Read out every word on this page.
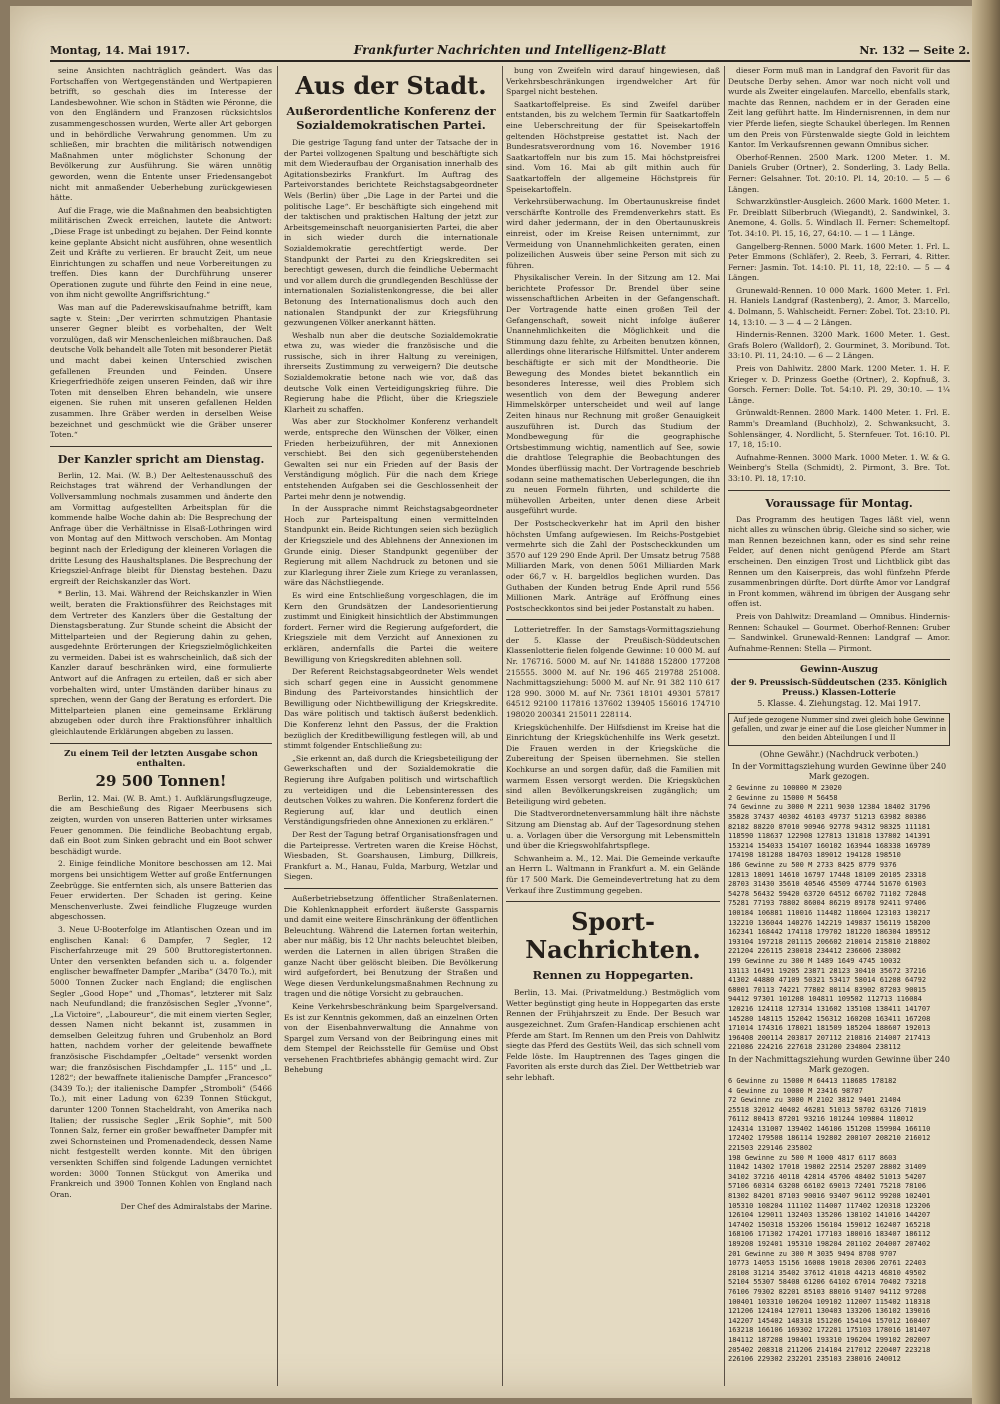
Montag, 14. Mai 1917.	Frankfurter Nachrichten und Intelligenz-Blatt	Nr. 132 — Seite 2.

seine Ansichten nachträglich geändert. Was das Fortschaffen von Wertgegenständen und Wertpapieren betrifft, so geschah dies im Interesse der Landesbewohner. Wie schon in Städten wie Péronne, die von den Engländern und Franzosen rücksichtslos zusammengeschossen wurden, Werte aller Art geborgen und in behördliche Verwahrung genommen. Um zu schließen, mir brachten die militärisch notwendigen Maßnahmen unter möglichster Schonung der Bevölkerung zur Ausführung. Sie wären unnötig geworden, wenn die Entente unser Friedensangebot nicht mit anmaßender Ueberhebung zurückgewiesen hätte.

Auf die Frage, wie die Maßnahmen den beabsichtigten militärischen Zweck erreichen, lautete die Antwort: „Diese Frage ist unbedingt zu bejahen. Der Feind konnte keine geplante Absicht nicht ausführen, ohne wesentlich Zeit und Kräfte zu verlieren. Er braucht Zeit, um neue Einrichtungen zu schaffen und neue Vorbereitungen zu treffen. Dies kann der Durchführung unserer Operationen zugute und führte den Feind in eine neue, von ihm nicht gewollte Angriffsrichtung.“

Was man auf die Paderewskisaufnahme betrifft, kam sagte v. Stein: „Der verirrten schmutzigen Phantasie unserer Gegner bleibt es vorbehalten, der Welt vorzulügen, daß wir Menschenleichen mißbrauchen. Daß deutsche Volk behandelt alle Toten mit besonderer Pietät und macht dabei keinen Unterschied zwischen gefallenen Freunden und Feinden. Unsere Kriegerfriedhöfe zeigen unseren Feinden, daß wir ihre Toten mit denselben Ehren behandeln, wie unsere eigenen. Sie ruhen mit unseren gefallenen Helden zusammen. Ihre Gräber werden in derselben Weise bezeichnet und geschmückt wie die Gräber unserer Toten.“

Der Kanzler spricht am Dienstag.

Berlin, 12. Mai. (W. B.) Der Aeltestenausschuß des Reichstages trat während der Verhandlungen der Vollversammlung nochmals zusammen und änderte den am Vormittag aufgestellten Arbeitsplan für die kommende halbe Woche dahin ab: Die Besprechung der Anfrage über die Verhältnisse in Elsaß-Lothringen wird von Montag auf den Mittwoch verschoben. Am Montag beginnt nach der Erledigung der kleineren Vorlagen die dritte Lesung des Haushaltsplanes. Die Besprechung der Kriegsziel-Anfrage bleibt für Dienstag bestehen. Dazu ergreift der Reichskanzler das Wort.

* Berlin, 13. Mai. Während der Reichskanzler in Wien weilt, beraten die Fraktionsführer des Reichstages mit dem Vertreter des Kanzlers über die Gestaltung der Dienstagsberatung. Zur Stunde scheint die Absicht der Mittelparteien und der Regierung dahin zu gehen, ausgedehnte Erörterungen der Kriegszielmöglichkeiten zu vermeiden. Dabei ist es wahrscheinlich, daß sich der Kanzler darauf beschränken wird, eine formulierte Antwort auf die Anfragen zu erteilen, daß er sich aber vorbehalten wird, unter Umständen darüber hinaus zu sprechen, wenn der Gang der Beratung es erfordert. Die Mittelparteien planen eine gemeinsame Erklärung abzugeben oder durch ihre Fraktionsführer inhaltlich gleichlautende Erklärungen abgeben zu lassen.

Zu einem Teil der letzten Ausgabe schon enthalten.
29 500 Tonnen!

Berlin, 12. Mai. (W. B. Amt.) 1. Aufklärungsflugzeuge, die am Beschießung des Rigaer Meerbusens sich zeigten, wurden von unseren Batterien unter wirksames Feuer genommen. Die feindliche Beobachtung ergab, daß ein Boot zum Sinken gebracht und ein Boot schwer beschädigt wurde.

2. Einige feindliche Monitore beschossen am 12. Mai morgens bei unsichtigem Wetter auf große Entfernungen Zeebrügge. Sie entfernten sich, als unsere Batterien das Feuer erwiderten. Der Schaden ist gering. Keine Menschenverluste. Zwei feindliche Flugzeuge wurden abgeschossen.

3. Neue U-Booterfolge im Atlantischen Ozean und im englischen Kanal: 6 Dampfer, 7 Segler, 12 Fischerfahrzeuge mit 29 500 Bruttoregistertonnen. Unter den versenkten befanden sich u. a. folgender englischer bewaffneter Dampfer „Mariba“ (3470 To.), mit 5000 Tonnen Zucker nach England; die englischen Segler „Good Hope“ und „Thomas“, letzterer mit Salz nach Neufundland; die französischen Segler „Yvonne“, „La Victoire“, „Laboureur“, die mit einem vierten Segler, dessen Namen nicht bekannt ist, zusammen in demselben Geleitzug fuhren und Grubenholz an Bord hatten, nachdem vorher der geleitende bewaffnete französische Fischdampfer „Oeltade“ versenkt worden war; die französischen Fischdampfer „L. 115“ und „L. 1282“; der bewaffnete italienische Dampfer „Francesco“ (3439 To.); der italienische Dampfer „Stromboli“ (5466 To.), mit einer Ladung von 6239 Tonnen Stückgut, darunter 1200 Tonnen Stacheldraht, von Amerika nach Italien; der russische Segler „Erik Sophie“, mit 500 Tonnen Salz, ferner ein großer bewaffneter Dampfer mit zwei Schornsteinen und Promenadendeck, dessen Name nicht festgestellt werden konnte. Mit den übrigen versenkten Schiffen sind folgende Ladungen vernichtet worden: 3000 Tonnen Stückgut von Amerika und Frankreich und 3900 Tonnen Kohlen von England nach Oran.

Der Chef des Admiralstabs der Marine.

Aus der Stadt.
Außerordentliche Konferenz der Sozialdemokratischen Partei.

Die gestrige Tagung fand unter der Tatsache der in der Partei vollzogenen Spaltung und beschäftigte sich mit dem Wiederaufbau der Organisation innerhalb des Agitationsbezirks Frankfurt. Im Auftrag des Parteivorstandes berichtete Reichstagsabgeordneter Wels (Berlin) über „Die Lage in der Partei und die politische Lage“. Er beschäftigte sich eingehend mit der taktischen und praktischen Haltung der jetzt zur Arbeitsgemeinschaft neuorganisierten Partei, die aber in sich wieder durch die internationale Sozialdemokratie gerechtfertigt werde. Der Standpunkt der Partei zu den Kriegskrediten sei berechtigt gewesen, durch die feindliche Uebermacht und vor allem durch die grundlegenden Beschlüsse der internationalen Sozialistenkongresse, die bei aller Betonung des Internationalismus doch auch den nationalen Standpunkt der zur Kriegsführung gezwungenen Völker anerkannt hätten.

Weshalb nun aber die deutsche Sozialdemokratie etwa zu, was wieder die französische und die russische, sich in ihrer Haltung zu vereinigen, ihrerseits Zustimmung zu verweigern? Die deutsche Sozialdemokratie betone nach wie vor, daß das deutsche Volk einen Verteidigungskrieg führe. Die Regierung habe die Pflicht, über die Kriegsziele Klarheit zu schaffen.

Was aber zur Stockholmer Konferenz verhandelt werde, entspreche den Wünschen der Völker, einen Frieden herbeizuführen, der mit Annexionen verschiebt. Bei den sich gegenüberstehenden Gewalten sei nur ein Frieden auf der Basis der Verständigung möglich. Für die nach dem Kriege entstehenden Aufgaben sei die Geschlossenheit der Partei mehr denn je notwendig.

In der Aussprache nimmt Reichstagsabgeordneter Hoch zur Parteispaltung einen vermittelnden Standpunkt ein. Beide Richtungen seien sich bezüglich der Kriegsziele und des Ablehnens der Annexionen im Grunde einig. Dieser Standpunkt gegenüber der Regierung mit allem Nachdruck zu betonen und sie zur Klarlegung ihrer Ziele zum Kriege zu veranlassen, wäre das Nächstliegende.

Es wird eine Entschließung vorgeschlagen, die im Kern den Grundsätzen der Landesorientierung zustimmt und Einigkeit hinsichtlich der Abstimmungen fordert. Ferner wird die Regierung aufgefordert, die Kriegsziele mit dem Verzicht auf Annexionen zu erklären, andernfalls die Partei die weitere Bewilligung von Kriegskrediten ablehnen soll.

Der Referent Reichstagsabgeordneter Wels wendet sich scharf gegen eine in Aussicht genommene Bindung des Parteivorstandes hinsichtlich der Bewilligung oder Nichtbewilligung der Kriegskredite. Das wäre politisch und taktisch äußerst bedenklich. Die Konferenz lehnt den Passus, der die Fraktion bezüglich der Kreditbewilligung festlegen will, ab und stimmt folgender Entschließung zu:

„Sie erkennt an, daß durch die Kriegsbeteiligung der Gewerkschaften und der Sozialdemokratie die Regierung ihre Aufgaben politisch und wirtschaftlich zu verteidigen und die Lebensinteressen des deutschen Volkes zu wahren. Die Konferenz fordert die Regierung auf, klar und deutlich einen Verständigungsfrieden ohne Annexionen zu erklären.“

Der Rest der Tagung betraf Organisationsfragen und die Parteipresse. Vertreten waren die Kreise Höchst, Wiesbaden, St. Goarshausen, Limburg, Dillkreis, Frankfurt a. M., Hanau, Fulda, Marburg, Wetzlar und Siegen.

Außerbetriebsetzung öffentlicher Straßenlaternen. Die Kohlenknappheit erfordert äußerste Gassparnis und damit eine weitere Einschränkung der öffentlichen Beleuchtung. Während die Laternen fortan weiterhin, aber nur mäßig, bis 12 Uhr nachts beleuchtet bleiben, werden die Laternen in allen übrigen Straßen die ganze Nacht über gelöscht bleiben. Die Bevölkerung wird aufgefordert, bei Benutzung der Straßen und Wege diesen Verdunkelungsmaßnahmen Rechnung zu tragen und die nötige Vorsicht zu gebrauchen.

Keine Verkehrsbeschränkung beim Spargelversand. Es ist zur Kenntnis gekommen, daß an einzelnen Orten von der Eisenbahnverwaltung die Annahme von Spargel zum Versand von der Beibringung eines mit dem Stempel der Reichsstelle für Gemüse und Obst versehenen Frachtbriefes abhängig gemacht wird. Zur Behebung

bung von Zweifeln wird darauf hingewiesen, daß Verkehrsbeschränkungen irgendwelcher Art für Spargel nicht bestehen.

Saatkartoffelpreise. Es sind Zweifel darüber entstanden, bis zu welchem Termin für Saatkartoffeln eine Ueberschreitung der für Speisekartoffeln geltenden Höchstpreise gestattet ist. Nach der Bundesratsverordnung vom 16. November 1916 Saatkartoffeln nur bis zum 15. Mai höchstpreisfrei sind. Vom 16. Mai ab gilt mithin auch für Saatkartoffeln der allgemeine Höchstpreis für Speisekartoffeln.

Verkehrsüberwachung. Im Obertaunuskreise findet verschärfte Kontrolle des Fremdenverkehrs statt. Es wird daher jedermann, der in den Obertaunuskreis einreist, oder im Kreise Reisen unternimmt, zur Vermeidung von Unannehmlichkeiten geraten, einen polizeilichen Ausweis über seine Person mit sich zu führen.

Physikalischer Verein. In der Sitzung am 12. Mai berichtete Professor Dr. Brendel über seine wissenschaftlichen Arbeiten in der Gefangenschaft. Der Vortragende hatte einen großen Teil der Gefangenschaft, soweit nicht infolge äußerer Unannehmlichkeiten die Möglichkeit und die Stimmung dazu fehlte, zu Arbeiten benutzen können, allerdings ohne literarische Hilfsmittel. Unter anderem beschäftigte er sich mit der Mondtheorie. Die Bewegung des Mondes bietet bekanntlich ein besonderes Interesse, weil dies Problem sich wesentlich von dem der Bewegung anderer Himmelskörper unterscheidet und weil auf lange Zeiten hinaus nur Rechnung mit großer Genauigkeit auszuführen ist. Durch das Studium der Mondbewegung für die geographische Ortsbestimmung wichtig, namentlich auf See, sowie die drahtlose Telegraphie die Beobachtungen des Mondes überflüssig macht. Der Vortragende beschrieb sodann seine mathematischen Ueberlegungen, die ihn zu neuen Formeln führten, und schilderte die mühevollen Arbeiten, unter denen diese Arbeit ausgeführt wurde.

Der Postscheckverkehr hat im April den bisher höchsten Umfang aufgewiesen. Im Reichs-Postgebiet vermehrte sich die Zahl der Postscheckkunden um 3570 auf 129 290 Ende April. Der Umsatz betrug 7588 Milliarden Mark, von denen 5061 Milliarden Mark oder 66,7 v. H. bargeldlos beglichen wurden. Das Guthaben der Kunden betrug Ende April rund 556 Millionen Mark. Anträge auf Eröffnung eines Postscheckkontos sind bei jeder Postanstalt zu haben.

Lotterietreffer. In der Samstags-Vormittagsziehung der 5. Klasse der Preußisch-Süddeutschen Klassenlotterie fielen folgende Gewinne: 10 000 M. auf Nr. 176716. 5000 M. auf Nr. 141888 152800 177208 215555. 3000 M. auf Nr. 196 465 219788 251008. Nachmittagsziehung: 5000 M. auf Nr. 91 382 110 617 128 990. 3000 M. auf Nr. 7361 18101 49301 57817 64512 92100 117816 137602 139405 156016 174710 198020 200341 215011 228114.

Kriegsküchenhilfe. Der Hilfsdienst im Kreise hat die Einrichtung der Kriegsküchenhilfe ins Werk gesetzt. Die Frauen werden in der Kriegsküche die Zubereitung der Speisen übernehmen. Sie stellen Kochkurse an und sorgen dafür, daß die Familien mit warmem Essen versorgt werden. Die Kriegsküchen sind allen Bevölkerungskreisen zugänglich; um Beteiligung wird gebeten.

Die Stadtverordnetenversammlung hält ihre nächste Sitzung am Dienstag ab. Auf der Tagesordnung stehen u. a. Vorlagen über die Versorgung mit Lebensmitteln und über die Kriegswohlfahrtspflege.

Schwanheim a. M., 12. Mai. Die Gemeinde verkaufte an Herrn L. Waltmann in Frankfurt a. M. ein Gelände für 17 500 Mark. Die Gemeindevertretung hat zu dem Verkauf ihre Zustimmung gegeben.

Sport-Nachrichten.
Rennen zu Hoppegarten.

Berlin, 13. Mai. (Privatmeldung.) Bestmöglich vom Wetter begünstigt ging heute in Hoppegarten das erste Rennen der Frühjahrszeit zu Ende. Der Besuch war ausgezeichnet. Zum Grafen-Handicap erschienen acht Pferde am Start. Im Rennen um den Preis von Dahlwitz siegte das Pferd des Gestüts Weil, das sich schnell vom Felde löste. Im Hauptrennen des Tages gingen die Favoriten als erste durch das Ziel. Der Wettbetrieb war sehr lebhaft.

dieser Form muß man in Landgraf den Favorit für das Deutsche Derby sehen. Amor war noch nicht voll und wurde als Zweiter eingelaufen. Marcello, ebenfalls stark, machte das Rennen, nachdem er in der Geraden eine Zeit lang geführt hatte. Im Hindernisrennen, in dem nur vier Pferde liefen, siegte Schaukel überlegen. Im Rennen um den Preis von Fürstenwalde siegte Gold in leichtem Kantor. Im Verkaufsrennen gewann Omnibus sicher.

Oberhof-Rennen. 2500 Mark. 1200 Meter. 1. M. Daniels Gruber (Ortner), 2. Sonderling, 3. Lady Bella. Ferner: Gelsahner. Tot. 20:10. Pl. 14, 20:10. — 5 — 6 Längen.

Schwarzkünstler-Ausgleich. 2600 Mark. 1600 Meter. 1. Fr. Dreiblatt Silberbruch (Wiegandt), 2. Sandwinkel, 3. Anemone, 4. Golls. 5. Windlach II. Ferner: Schemeltopf. Tot. 34:10. Pl. 15, 16, 27, 64:10. — 1 — 1 Länge.

Gangelberg-Rennen. 5000 Mark. 1600 Meter. 1. Frl. L. Peter Emmons (Schläfer), 2. Reeb, 3. Ferrari, 4. Ritter. Ferner: Jasmin. Tot. 14:10. Pl. 11, 18, 22:10. — 5 — 4 Längen.

Grunewald-Rennen. 10 000 Mark. 1600 Meter. 1. Frl. H. Haniels Landgraf (Rastenberg), 2. Amor, 3. Marcello, 4. Dolmann, 5. Wahlscheidt. Ferner: Zobel. Tot. 23:10. Pl. 14, 13:10. — 3 — 4 — 2 Längen.

Hindernis-Rennen. 3200 Mark. 1600 Meter. 1. Gest. Grafs Bolero (Walldorf), 2. Gourminet, 3. Moribund. Tot. 33:10. Pl. 11, 24:10. — 6 — 2 Längen.

Preis von Dahlwitz. 2800 Mark. 1200 Meter. 1. H. F. Krieger v. D. Prinzess Goethe (Ortner), 2. Kopfnuß, 3. Gorsch. Ferner: Dolle. Tot. 54:10. Pl. 29, 30:10. — 1¼ Länge.

Grünwaldt-Rennen. 2800 Mark. 1400 Meter. 1. Frl. E. Ramm's Dreamland (Buchholz), 2. Schwanksucht, 3. Sohlensänger, 4. Nordlicht, 5. Sternfeuer. Tot. 16:10. Pl. 17, 18, 15:10.

Aufnahme-Rennen. 3000 Mark. 1000 Meter. 1. W. & G. Weinberg's Stella (Schmidt), 2. Pirmont, 3. Bre. Tot. 33:10. Pl. 18, 17:10.

Voraussage für Montag.

Das Programm des heutigen Tages läßt viel, wenn nicht alles zu wünschen übrig. Gleiche sind so sicher, wie man Rennen bezeichnen kann, oder es sind sehr reine Felder, auf denen nicht genügend Pferde am Start erscheinen. Den einzigen Trost und Lichtblick gibt das Rennen um den Kaiserpreis, das wohl fünfzehn Pferde zusammenbringen dürfte. Dort dürfte Amor vor Landgraf in Front kommen, während im übrigen der Ausgang sehr offen ist.

Preis von Dahlwitz: Dreamland — Omnibus. Hindernis-Rennen: Schaukel — Gourmet. Oberhof-Rennen: Gruber — Sandwinkel. Grunewald-Rennen: Landgraf — Amor. Aufnahme-Rennen: Stella — Pirmont.

Gewinn-Auszug
der 9. Preussisch-Süddeutschen (235. Königlich Preuss.) Klassen-Lotterie
5. Klasse. 4. Ziehungstag. 12. Mai 1917.
Auf jede gezogene Nummer sind zwei gleich hohe Gewinne gefallen, und zwar je einer auf die Lose gleicher Nummer in den beiden Abteilungen I und II
(Ohne Gewähr.) (Nachdruck verboten.)
In der Vormittagsziehung wurden Gewinne über 240 Mark gezogen.
2 Gewinne zu 100000 M 23020
2 Gewinne zu 15000 M 56458
74 Gewinne zu 3000 M 2211 9030 12384 18402 31796
35828 37437 40302 46103 49737 51213 63982 80386
82182 88220 87010 90946 92778 94312 98325 111181
118590 118637 122908 127813 131818 137802 141391
153214 154033 154107 160102 163944 168338 169789
174198 181288 184703 189012 194128 198510
186 Gewinne zu 500 M 2733 8425 8779 9376
12813 18091 14610 16797 17448 18109 20105 23318
28703 31430 35610 40546 45509 47744 51670 61903
54278 56432 59420 63720 64512 66702 71102 72048
75281 77193 78802 86004 86219 89178 92411 97406
100184 106881 110016 114482 118604 123103 130217
132210 136044 140276 142219 149837 156119 158200
162341 168442 174118 179702 181220 186304 189512
193104 197218 201115 206602 210014 215810 218802
221204 226115 230018 234412 236606 238002
199 Gewinne zu 300 M 1489 1649 4745 10032
13113 16491 19205 23871 28123 30410 35672 37216
41302 44880 47109 50321 53417 58014 61208 64792
68001 70113 74221 77802 80114 83902 87203 90015
94412 97301 101208 104811 109502 112713 116084
120216 124118 127314 131602 135108 138411 141707
145280 148115 152042 156312 160208 163411 167208
171014 174316 178021 181509 185204 188607 192013
196408 200114 203817 207112 210816 214007 217413
221086 224216 227618 231200 234804 238112
In der Nachmittagsziehung wurden Gewinne über 240 Mark gezogen.
6 Gewinne zu 15000 M 64413 118685 178182
4 Gewinne zu 10000 M 23416 98707
72 Gewinne zu 3000 M 2102 3812 9401 21404
25518 32012 40402 46281 51013 58702 63126 71019
76112 80413 87201 93216 101244 109804 118012
124314 131007 139402 146106 151208 159904 166110
172402 179508 186114 192802 200107 208210 216012
221503 229146 235802
198 Gewinne zu 500 M 1000 4817 6117 8603
11042 14302 17018 19802 22514 25207 28802 31409
34102 37216 40118 42814 45706 48402 51013 54207
57106 60314 63208 66102 69013 72401 75218 78106
81302 84201 87103 90016 93407 96112 99208 102401
105310 108204 111102 114007 117402 120318 123206
126104 129011 132403 135206 138102 141016 144207
147402 150318 153206 156104 159012 162407 165218
168106 171302 174201 177103 180016 183407 186112
189208 192401 195310 198204 201102 204007 207402
201 Gewinne zu 300 M 3035 9494 8708 9707
10773 14053 15156 16008 19018 20306 20761 22403
28108 31214 35402 37612 41018 44213 46810 49502
52104 55307 58408 61206 64102 67014 70402 73218
76106 79302 82201 85103 88016 91407 94112 97208
100401 103310 106204 109102 112007 115402 118318
121206 124104 127011 130403 133206 136102 139016
142207 145402 148318 151206 154104 157012 160407
163218 166106 169302 172201 175103 178016 181407
184112 187208 190401 193310 196204 199102 202007
205402 208318 211206 214104 217012 220407 223218
226106 229302 232201 235103 238016 240012
